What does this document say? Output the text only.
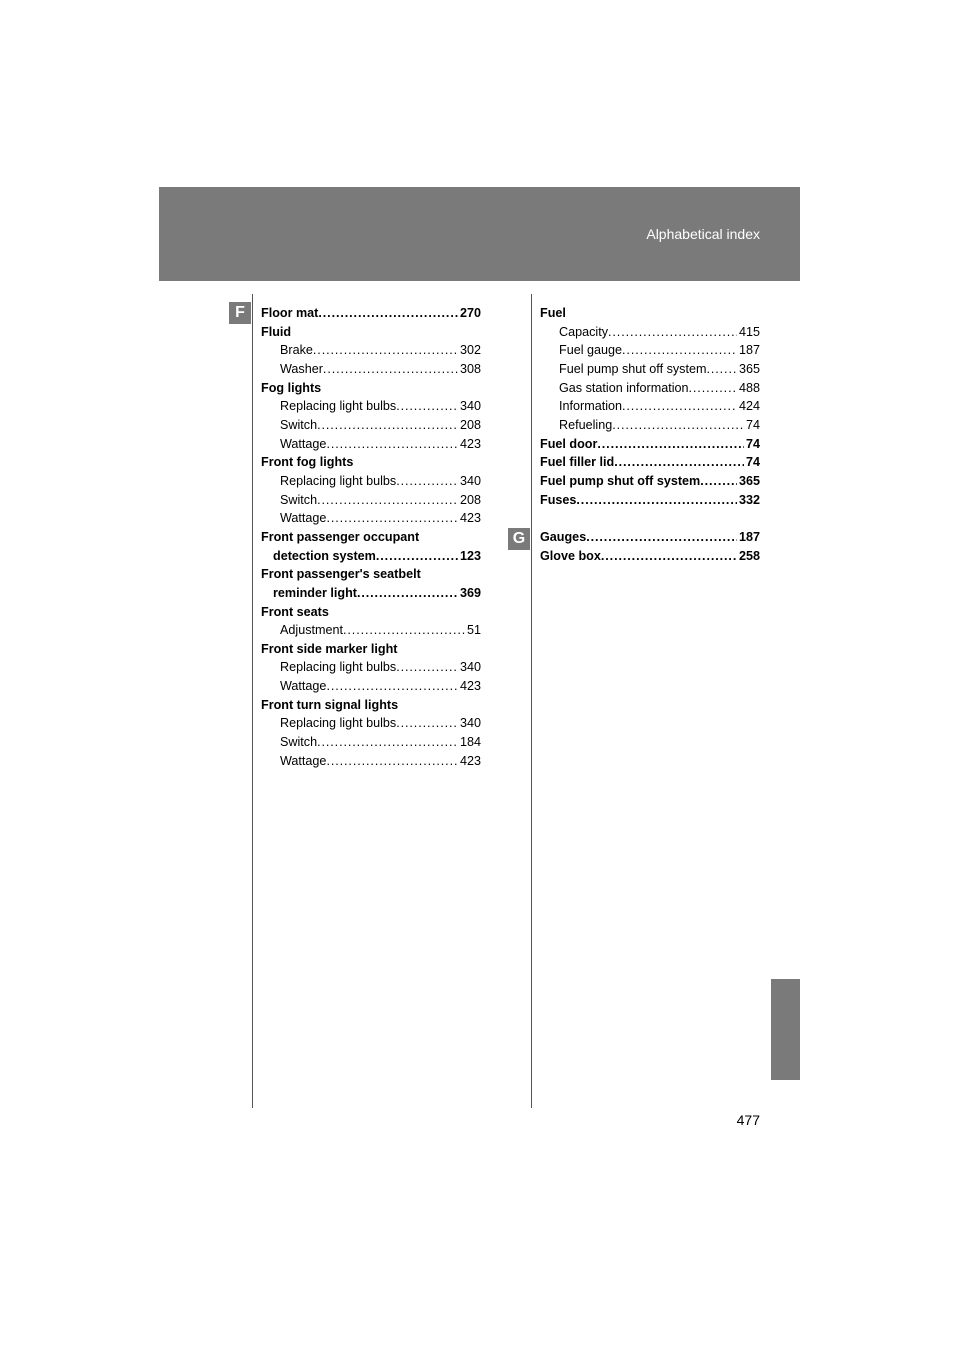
Alphabetical index
F
G
Floor mat . . .	270
Fluid
Brake . . .	302
Washer . . .	308
Fog lights
Replacing light bulbs . . .	340
Switch . . .	208
Wattage . . .	423
Front fog lights
Replacing light bulbs . . .	340
Switch . . .	208
Wattage . . .	423
Front passenger occupant
detection system . . .	123
Front passenger's seatbelt
reminder light . . .	369
Front seats
Adjustment . . .	51
Front side marker light
Replacing light bulbs . . .	340
Wattage . . .	423
Front turn signal lights
Replacing light bulbs . . .	340
Switch . . .	184
Wattage . . .	423
Fuel
Capacity . . .	415
Fuel gauge . . .	187
Fuel pump shut off system . . .	365
Gas station information . . .	488
Information . . .	424
Refueling . . .	74
Fuel door . . .	74
Fuel filler lid . . .	74
Fuel pump shut off system . . .	365
Fuses . . .	332
Gauges . . .	187
Glove box . . .	258
477
